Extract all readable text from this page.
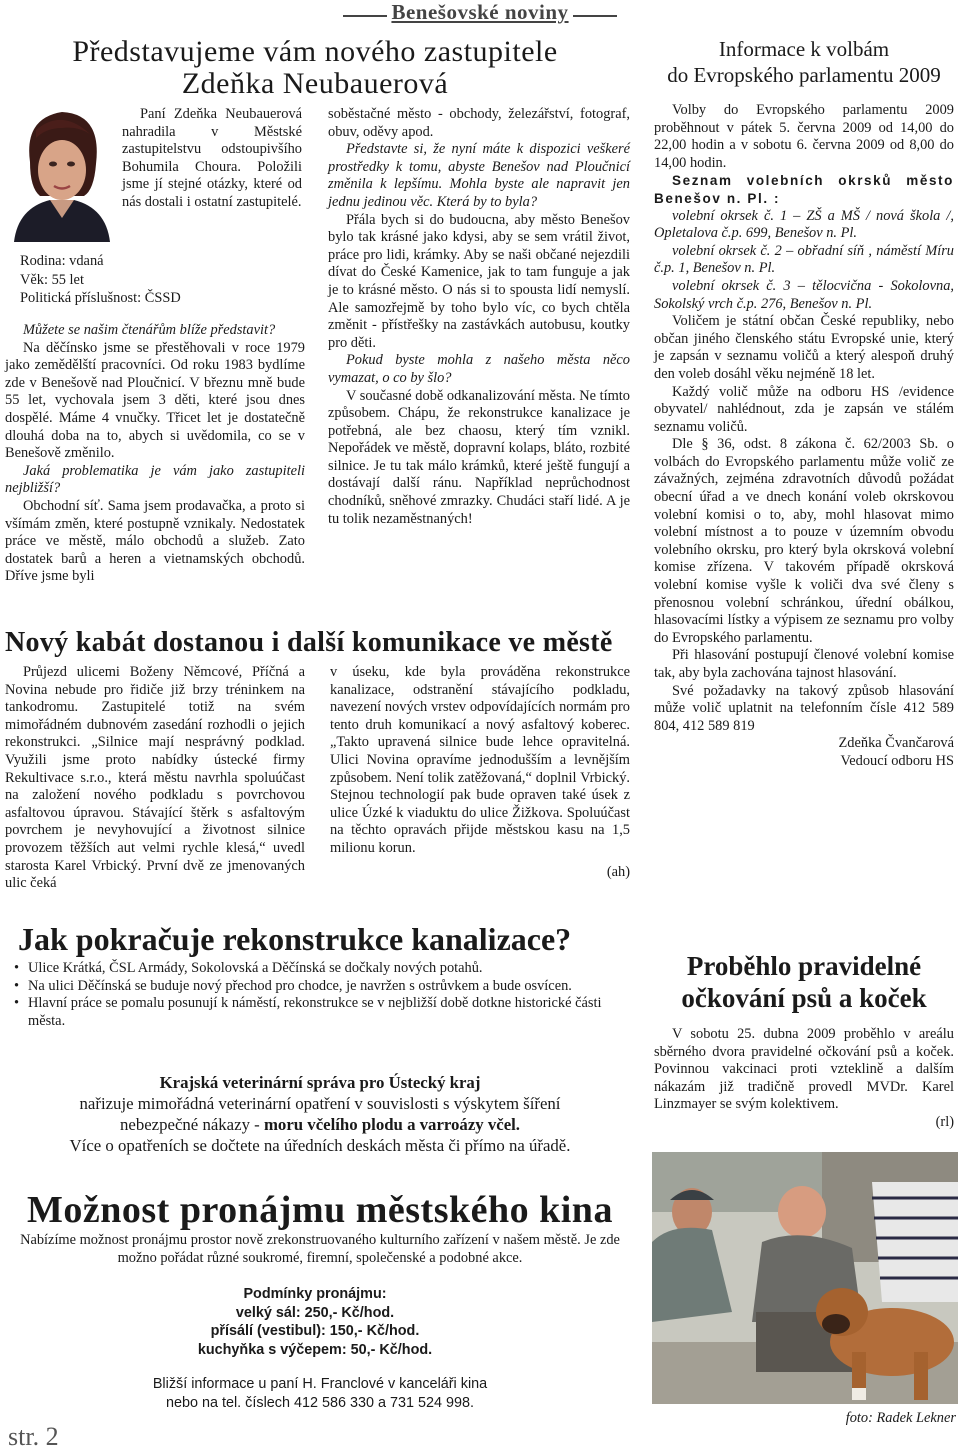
Benešovské noviny
Představujeme vám nového zastupitele
Zdeňka Neubauerová

Paní Zdeňka Neubauerová nahradila v Městské zastupitelstvu odstoupivšího Bohumila Choura. Položili jsme jí stejné otázky, které od nás dostali i ostatní zastupitelé.

Rodina: vdaná
Věk: 55 let
Politická příslušnost: ČSSD

Můžete se našim čtenářům blíže představit?

Na děčínsko jsme se přestěhovali v roce 1979 jako zemědělští pracovníci. Od roku 1983 bydlíme zde v Benešově nad Ploučnicí. V březnu mně bude 55 let, vychovala jsem 3 děti, které jsou dnes dospělé. Máme 4 vnučky. Třicet let je dostatečně dlouhá doba na to, abych si uvědomila, co se v Benešově změnilo.

Jaká problematika je vám jako zastupiteli nejbližší?

Obchodní síť. Sama jsem prodavačka, a proto si všímám změn, které postupně vznikaly. Nedostatek práce ve městě, málo obchodů a služeb. Zato dostatek barů a heren a vietnamských obchodů. Dříve jsme byli

soběstačné město - obchody, železářství, fotograf, obuv, oděvy apod.

Představte si, že nyní máte k dispozici veškeré prostředky k tomu, abyste Benešov nad Ploučnicí změnila k lepšímu. Mohla byste ale napravit jen jednu jedinou věc. Která by to byla?

Přála bych si do budoucna, aby město Benešov bylo tak krásné jako kdysi, aby se sem vrátil život, práce pro lidi, krámky. Aby se naši občané nejezdili dívat do České Kamenice, jak to tam funguje a jak je to krásné město. O nás si to spousta lidí nemyslí. Ale samozřejmě by toho bylo víc, co bych chtěla změnit - přístřešky na zastávkách autobusu, koutky pro děti.

Pokud byste mohla z našeho města něco vymazat, o co by šlo?

V současné době odkanalizování města. Ne tímto způsobem. Chápu, že rekonstrukce kanalizace je potřebná, ale bez chaosu, který tím vznikl. Nepořádek ve městě, dopravní kolaps, bláto, rozbité silnice. Je tu tak málo krámků, které ještě fungují a dostávají další ránu. Například neprůchodnost chodníků, sněhové zmrazky. Chudáci staří lidé. A je tu tolik nezaměstnaných!

Nový kabát dostanou i další komunikace ve městě

Průjezd ulicemi Boženy Němcové, Příčná a Novina nebude pro řidiče již brzy tréninkem na tankodromu. Zastupitelé totiž na svém mimořádném dubnovém zasedání rozhodli o jejich rekonstrukci. „Silnice mají nesprávný podklad. Využili jsme proto nabídky ústecké firmy Rekultivace s.r.o., která městu navrhla spoluúčast na založení nového podkladu s povrchovou asfaltovou úpravou. Stávající štěrk s asfaltovým povrchem je nevyhovující a životnost silnice provozem těžších aut velmi rychle klesá,“ uvedl starosta Karel Vrbický. První dvě ze jmenovaných ulic čeká

v úseku, kde byla prováděna rekonstrukce kanalizace, odstranění stávajícího podkladu, navezení nových vrstev odpovídajících normám pro tento druh komunikací a nový asfaltový koberec. „Takto upravená silnice bude lehce opravitelná. Ulici Novina opravíme jednodušším a levnějším způsobem. Není tolik zatěžovaná,“ doplnil Vrbický. Stejnou technologií pak bude opraven také úsek z ulice Úzké k viaduktu do ulice Žižkova. Spoluúčast na těchto opravách přijde městskou kasu na 1,5 milionu korun.

(ah)

Jak pokračuje rekonstrukce kanalizace?
• Ulice Krátká, ČSL Armády, Sokolovská a Děčínská se dočkaly nových potahů.
• Na ulici Děčínská se buduje nový přechod pro chodce, je navržen s ostrůvkem a bude osvícen.
• Hlavní práce se pomalu posunují k náměstí, rekonstrukce se v nejbližší době dotkne historické části města.
Krajská veterinární správa pro Ústecký kraj
nařizuje mimořádná veterinární opatření v souvislosti s výskytem šíření
nebezpečné nákazy - moru včelího plodu a varroázy včel.
Více o opatřeních se dočtete na úředních deskách města či přímo na úřadě.
Možnost pronájmu městského kina
Nabízíme možnost pronájmu prostor nově zrekonstruovaného kulturního zařízení v našem městě. Je zde možno pořádat různé soukromé, firemní, společenské a podobné akce.
Podmínky pronájmu:
velký sál: 250,- Kč/hod.
přísálí (vestibul): 150,- Kč/hod.
kuchyňka s výčepem: 50,- Kč/hod.
Bližší informace u paní H. Franclové v kanceláři kina
nebo na tel. číslech 412 586 330 a 731 524 998.
str. 2
Informace k volbám
do Evropského parlamentu 2009

Volby do Evropského parlamentu 2009 proběhnout v pátek 5. června 2009 od 14,00 do 22,00 hodin a v sobotu 6. června 2009 od 8,00 do 14,00 hodin.

Seznam volebních okrsků město Benešov n. Pl. :

volební okrsek č. 1 – ZŠ a MŠ / nová škola /, Opletalova č.p. 699, Benešov n. Pl.

volební okrsek č. 2 – obřadní síň , náměstí Míru č.p. 1, Benešov n. Pl.

volební okrsek č. 3 – tělocvična - Sokolovna, Sokolský vrch č.p. 276, Benešov n. Pl.

Voličem je státní občan České republiky, nebo občan jiného členského státu Evropské unie, který je zapsán v seznamu voličů a který alespoň druhý den voleb dosáhl věku nejméně 18 let.

Každý volič může na odboru HS /evidence obyvatel/ nahlédnout, zda je zapsán ve stálém seznamu voličů.

Dle § 36, odst. 8 zákona č. 62/2003 Sb. o volbách do Evropského parlamentu může volič ze závažných, zejména zdravotních důvodů požádat obecní úřad a ve dnech konání voleb okrskovou volební komisi o to, aby, mohl hlasovat mimo volební místnost a to pouze v územním obvodu volebního okrsku, pro který byla okrsková volební komise zřízena. V takovém případě okrsková volební komise vyšle k voliči dva své členy s přenosnou volební schránkou, úřední obálkou, hlasovacími lístky a výpisem ze seznamu pro volby do Evropského parlamentu.

Při hlasování postupují členové volební komise tak, aby byla zachována tajnost hlasování.

Své požadavky na takový způsob hlasování může volič uplatnit na telefonním čísle 412 589 804, 412 589 819

Zdeňka Čvančarová

Vedoucí odboru HS

Proběhlo pravidelné
očkování psů a koček

V sobotu 25. dubna 2009 proběhlo v areálu sběrného dvora pravidelné očkování psů a koček. Povinnou vakcinaci proti vzteklině a dalším nákazám již tradičně provedl MVDr. Karel Linzmayer se svým kolektivem.

(rl)

foto: Radek Lekner
